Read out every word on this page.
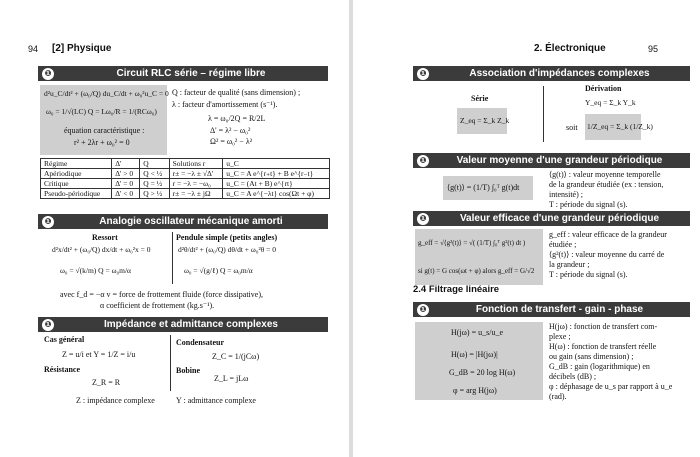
94 [2] Physique
❶	Circuit RLC série – régime libre
d²u_C/dt² + (ω₀/Q) du_C/dt + ω₀²u_C = 0
ω₀ = 1/√(LC) Q = Lω₀/R = 1/(RCω₀)
équation caractéristique :
r² + 2λr + ω₀² = 0
Q : facteur de qualité (sans dimension) ;
λ : facteur d'amortissement (s⁻¹).
λ = ω₀/2Q = R/2L
Δ' = λ² − ω₀²
Ω² = ω₀² − λ²
Régime	Δ'	Q	Solutions r	u_C
Apériodique	Δ' > 0	Q < ½	r± = −λ ± √Δ'	u_C = A e^{r₊t} + B e^{r₋t}
Critique	Δ' = 0	Q = ½	r = −λ = −ω₀	u_C = (At + B) e^{rt}
Pseudo-périodique	Δ' < 0	Q > ½	r± = −λ ± jΩ	u_C = A e^{−λt} cos(Ωt + φ)
❶	Analogie oscillateur mécanique amorti
Ressort
d²x/dt² + (ω₀/Q) dx/dt + ω₀²x = 0
ω₀ = √(k/m) Q = ω₀m/α
Pendule simple (petits angles)
d²θ/dt² + (ω₀/Q) dθ/dt + ω₀²θ = 0
ω₀ = √(g/ℓ) Q = ω₀m/α
avec f_d = −α v = force de frottement fluide (force dissipative),
α coefficient de frottement (kg.s⁻¹).
❶	Impédance et admittance complexes
Cas général
Z = u/i et Y = 1/Z = i/u
Résistance
Z_R = R
Condensateur
Z_C = 1/(jCω)
Bobine
Z_L = jLω
Z : impédance complexe	Y : admittance complexe
2. Électronique	95
❶	Association d'impédances complexes
Série
Z_eq = Σ_k Z_k
Dérivation
Y_eq = Σ_k Y_k
soit 1/Z_eq = Σ_k (1/Z_k)
❶	Valeur moyenne d'une grandeur périodique
⟨g(t)⟩ = (1/T) ∫₀ᵀ g(t)dt
⟨g(t)⟩ : valeur moyenne temporelle
de la grandeur étudiée (ex : tension,
intensité) ;
T : période du signal (s).
❶	Valeur efficace d'une grandeur périodique
g_eff = √⟨g²(t)⟩ = √( (1/T) ∫₀ᵀ g²(t) dt )
si g(t) = G cos(ωt + φ) alors g_eff = G/√2
g_eff : valeur efficace de la grandeur
étudiée ;
⟨g²(t)⟩ : valeur moyenne du carré de
la grandeur ;
T : période du signal (s).
2.4 Filtrage linéaire
❶	Fonction de transfert - gain - phase
H(jω) = u_s/u_e
H(ω) = |H(jω)|
G_dB = 20 log H(ω)
φ = arg H(jω)
H(jω) : fonction de transfert com-
plexe ;
H(ω) : fonction de transfert réelle
ou gain (sans dimension) ;
G_dB : gain (logarithmique) en
décibels (dB) ;
φ : déphasage de u_s par rapport à u_e
(rad).
